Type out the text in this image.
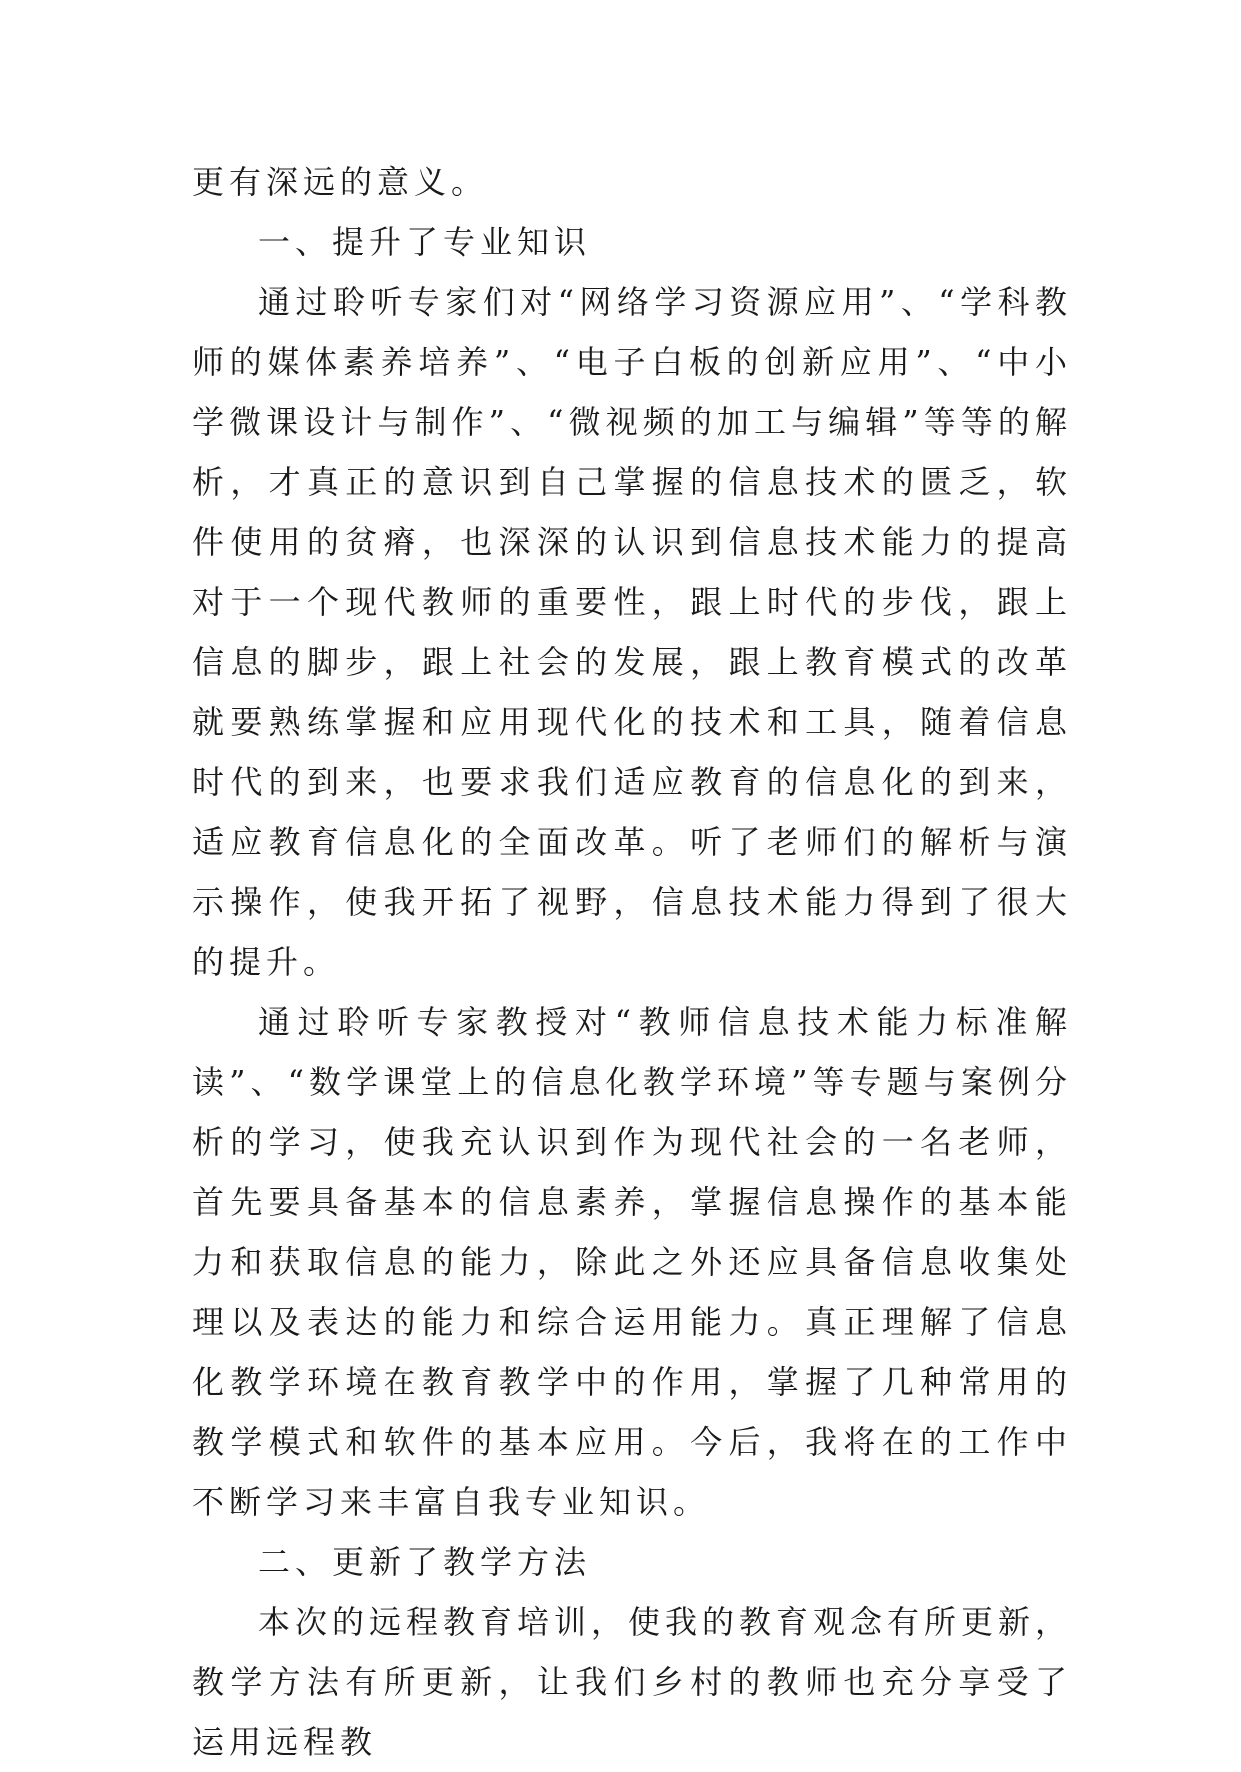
更有深远的意义。

一、提升了专业知识

通过聆听专家们对“网络学习资源应用”、“学科教师的媒体素养培养”、“电子白板的创新应用”、“中小学微课设计与制作”、“微视频的加工与编辑”等等的解析，才真正的意识到自己掌握的信息技术的匮乏，软件使用的贫瘠，也深深的认识到信息技术能力的提高对于一个现代教师的重要性，跟上时代的步伐，跟上信息的脚步，跟上社会的发展，跟上教育模式的改革就要熟练掌握和应用现代化的技术和工具，随着信息时代的到来，也要求我们适应教育的信息化的到来，适应教育信息化的全面改革。听了老师们的解析与演示操作，使我开拓了视野，信息技术能力得到了很大的提升。

通过聆听专家教授对“教师信息技术能力标准解读”、“数学课堂上的信息化教学环境”等专题与案例分析的学习，使我充认识到作为现代社会的一名老师，首先要具备基本的信息素养，掌握信息操作的基本能力和获取信息的能力，除此之外还应具备信息收集处理以及表达的能力和综合运用能力。真正理解了信息化教学环境在教育教学中的作用，掌握了几种常用的教学模式和软件的基本应用。今后，我将在的工作中不断学习来丰富自我专业知识。

二、更新了教学方法

本次的远程教育培训，使我的教育观念有所更新，教学方法有所更新，让我们乡村的教师也充分享受了运用远程教
